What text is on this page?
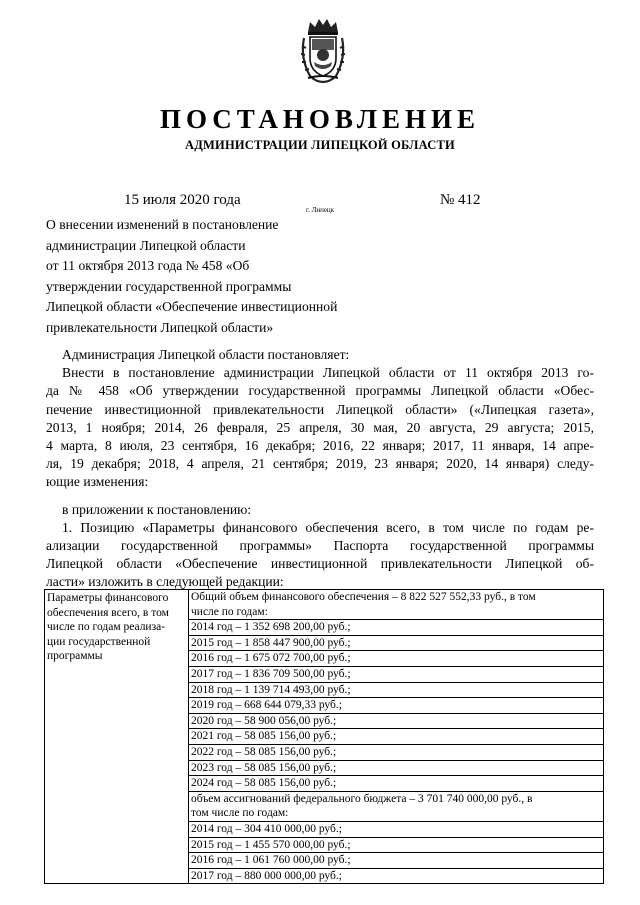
ПОСТАНОВЛЕНИЕ
АДМИНИСТРАЦИИ ЛИПЕЦКОЙ ОБЛАСТИ
15 июля 2020 года
г. Липецк
№ 412
О внесении изменений в постановление
администрации Липецкой области
от 11 октября 2013 года № 458 «Об
утверждении государственной программы
Липецкой области «Обеспечение инвестиционной
привлекательности Липецкой области»
Администрация Липецкой области постановляет:
Внести в постановление администрации Липецкой области от 11 октября 2013 го-
да № 458 «Об утверждении государственной программы Липецкой области «Обес-
печение инвестиционной привлекательности Липецкой области» («Липецкая газета»,
2013, 1 ноября; 2014, 26 февраля, 25 апреля, 30 мая, 20 августа, 29 августа; 2015,
4 марта, 8 июля, 23 сентября, 16 декабря; 2016, 22 января; 2017, 11 января, 14 апре-
ля, 19 декабря; 2018, 4 апреля, 21 сентября; 2019, 23 января; 2020, 14 января) следу-
ющие изменения:
в приложении к постановлению:
1. Позицию «Параметры финансового обеспечения всего, в том числе по годам ре-
ализации государственной программы» Паспорта государственной программы
Липецкой области «Обеспечение инвестиционной привлекательности Липецкой об-
ласти» изложить в следующей редакции:
Параметры финансового
обеспечения всего, в том
числе по годам реализа-
ции государственной
программы

Общий объем финансового обеспечения – 8 822 527 552,33 руб., в том
числе по годам:
2014 год – 1 352 698 200,00 руб.;
2015 год – 1 858 447 900,00 руб.;
2016 год – 1 675 072 700,00 руб.;
2017 год – 1 836 709 500,00 руб.;
2018 год – 1 139 714 493,00 руб.;
2019 год – 668 644 079,33 руб.;
2020 год – 58 900 056,00 руб.;
2021 год – 58 085 156,00 руб.;
2022 год – 58 085 156,00 руб.;
2023 год – 58 085 156,00 руб.;
2024 год – 58 085 156,00 руб.;
объем ассигнований федерального бюджета – 3 701 740 000,00 руб., в
том числе по годам:
2014 год – 304 410 000,00 руб.;
2015 год – 1 455 570 000,00 руб.;
2016 год – 1 061 760 000,00 руб.;
2017 год – 880 000 000,00 руб.;
